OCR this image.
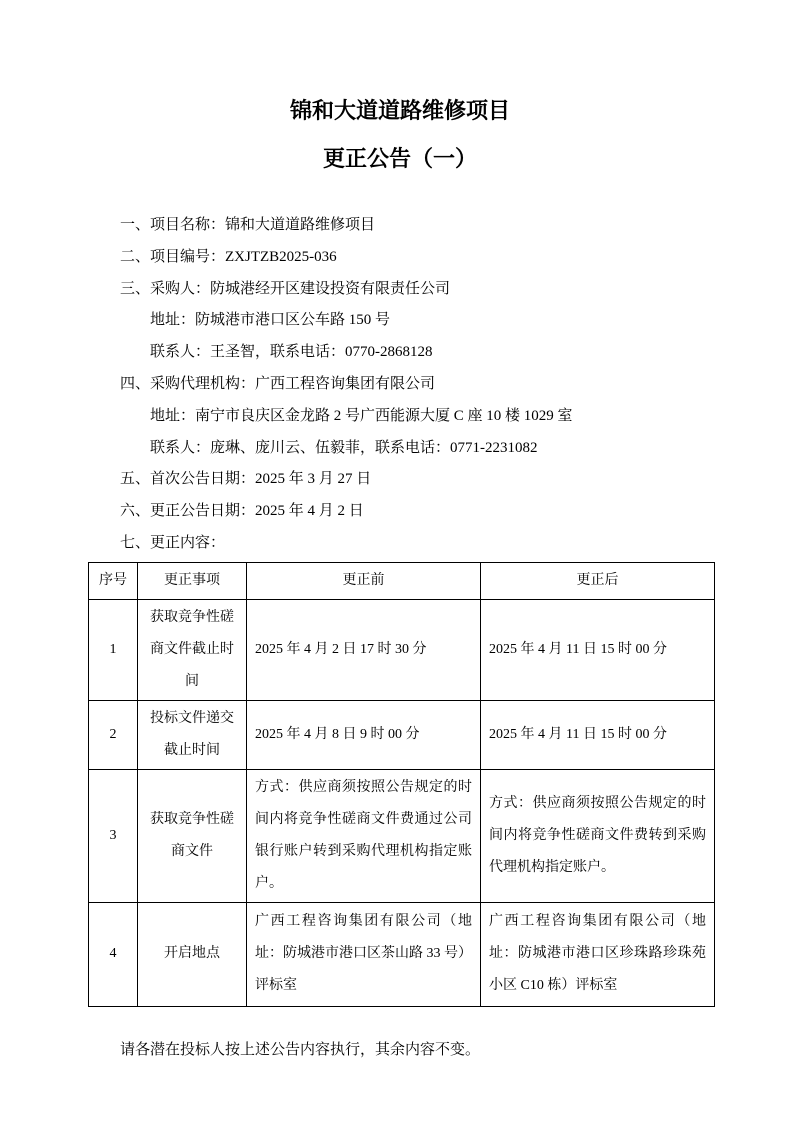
锦和大道道路维修项目

更正公告（一）

一、项目名称：锦和大道道路维修项目

二、项目编号：ZXJTZB2025-036

三、采购人：防城港经开区建设投资有限责任公司

地址：防城港市港口区公车路 150 号

联系人：王圣智，联系电话：0770-2868128

四、采购代理机构：广西工程咨询集团有限公司

地址：南宁市良庆区金龙路 2 号广西能源大厦 C 座 10 楼 1029 室

联系人：庞琳、庞川云、伍毅菲，联系电话：0771-2231082

五、首次公告日期：2025 年 3 月 27 日

六、更正公告日期：2025 年 4 月 2 日

七、更正内容：

序号	更正事项	更正前	更正后
1	获取竞争性磋商文件截止时间	2025 年 4 月 2 日 17 时 30 分	2025 年 4 月 11 日 15 时 00 分
2	投标文件递交截止时间	2025 年 4 月 8 日 9 时 00 分	2025 年 4 月 11 日 15 时 00 分
3	获取竞争性磋商文件	方式：供应商须按照公告规定的时间内将竞争性磋商文件费通过公司银行账户转到采购代理机构指定账户。	方式：供应商须按照公告规定的时间内将竞争性磋商文件费转到采购代理机构指定账户。
4	开启地点	广西工程咨询集团有限公司（地址：防城港市港口区茶山路 33 号）评标室	广西工程咨询集团有限公司（地址：防城港市港口区珍珠路珍珠苑小区 C10 栋）评标室

请各潜在投标人按上述公告内容执行，其余内容不变。
